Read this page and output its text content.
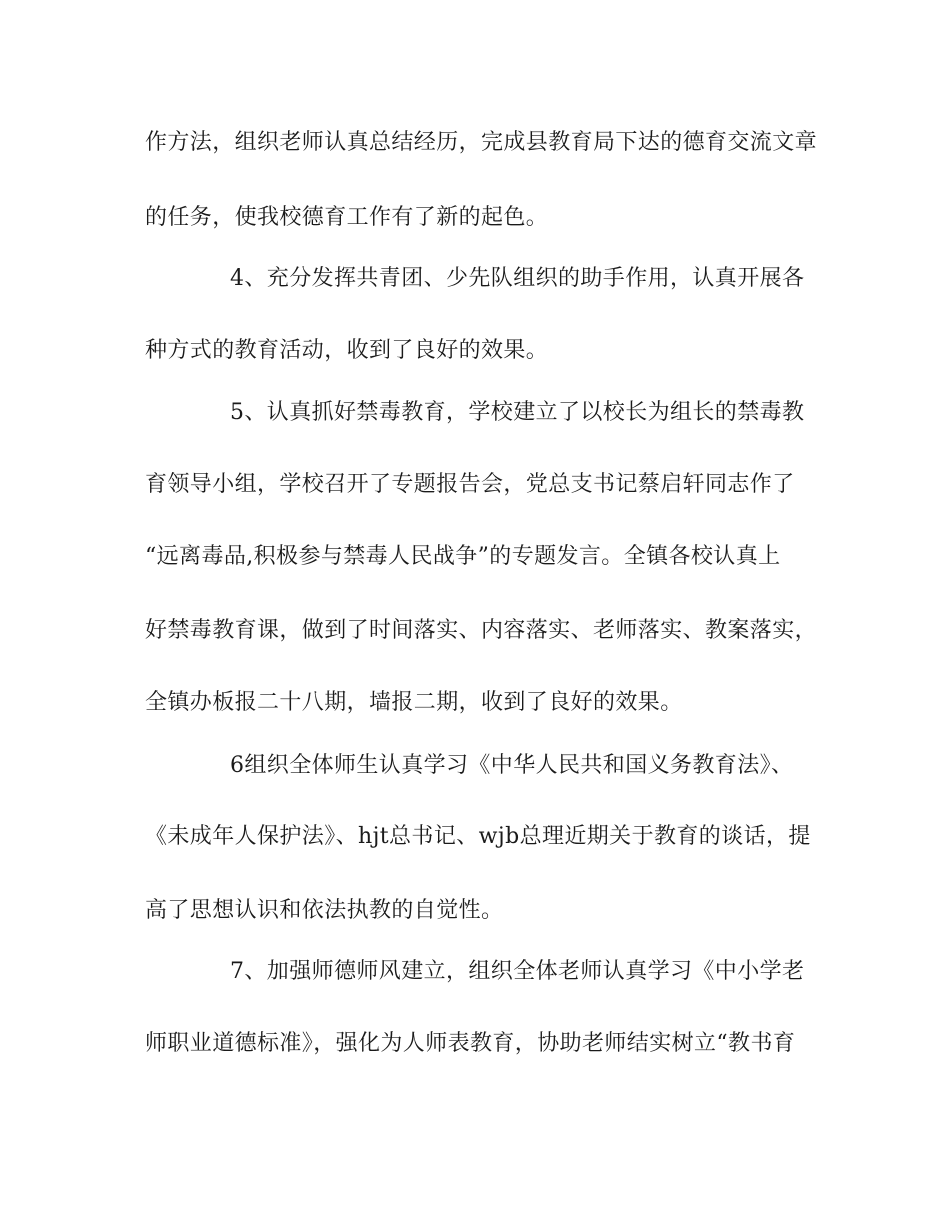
作方法，组织老师认真总结经历，完成县教育局下达的德育交流文章
的任务，使我校德育工作有了新的起色。
4、充分发挥共青团、少先队组织的助手作用，认真开展各
种方式的教育活动，收到了良好的效果。
5、认真抓好禁毒教育，学校建立了以校长为组长的禁毒教
育领导小组，学校召开了专题报告会，党总支书记蔡启轩同志作了
“远离毒品,积极参与禁毒人民战争”的专题发言。全镇各校认真上
好禁毒教育课，做到了时间落实、内容落实、老师落实、教案落实，
全镇办板报二十八期，墙报二期，收到了良好的效果。
6组织全体师生认真学习《中华人民共和国义务教育法》、
《未成年人保护法》、hjt总书记、wjb总理近期关于教育的谈话，提
高了思想认识和依法执教的自觉性。
7、加强师德师风建立，组织全体老师认真学习《中小学老
师职业道德标准》，强化为人师表教育，协助老师结实树立“教书育
